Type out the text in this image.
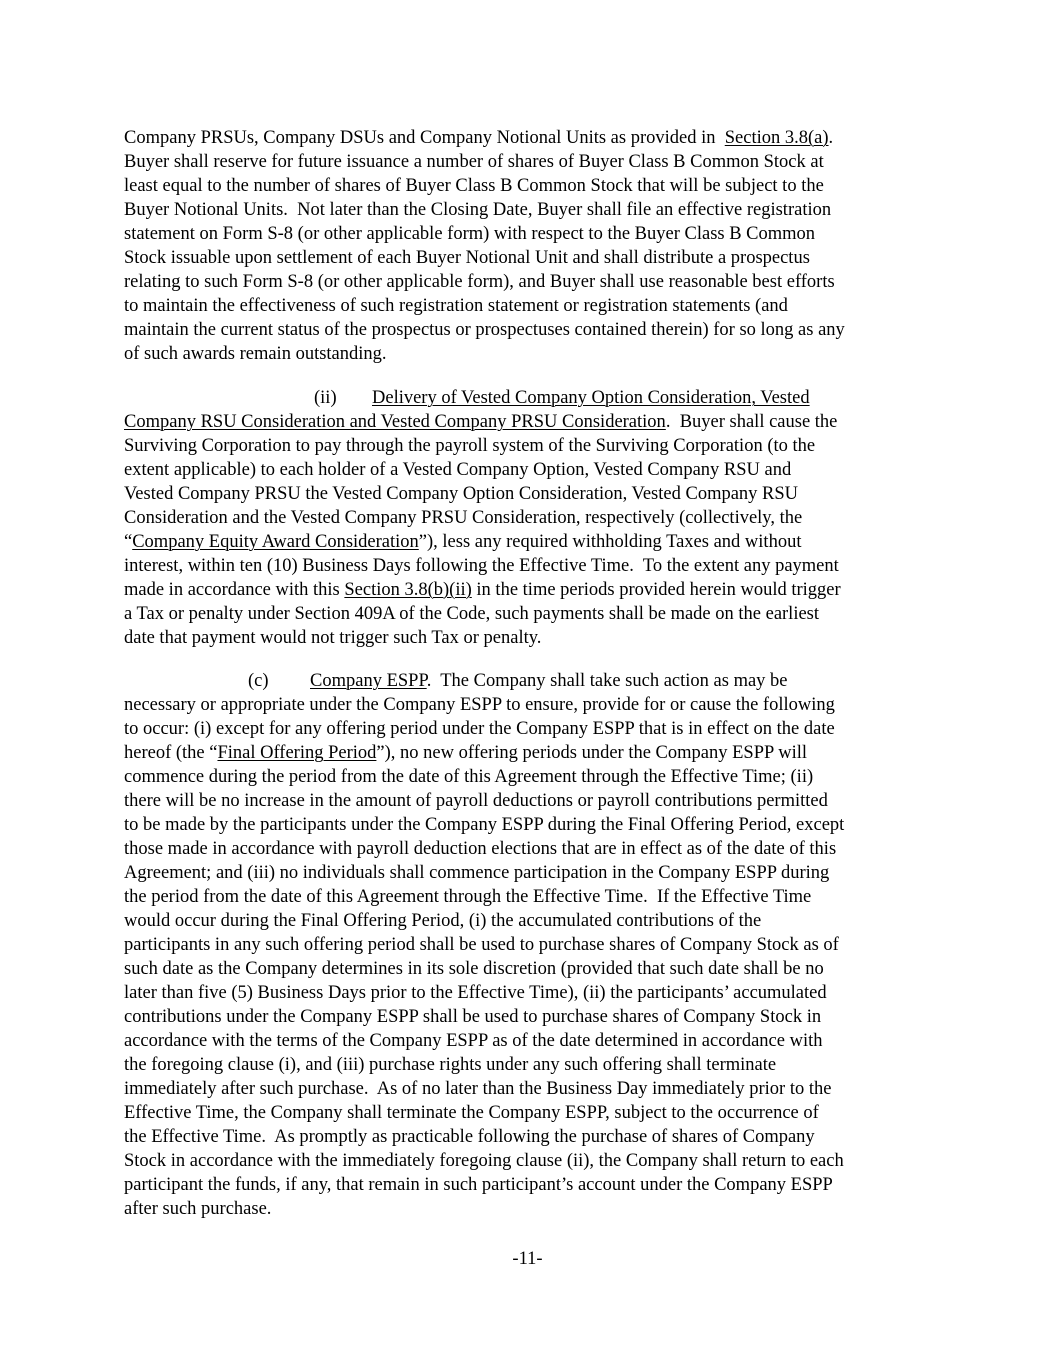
Company PRSUs, Company DSUs and Company Notional Units as provided in  Section 3.8(a).
Buyer shall reserve for future issuance a number of shares of Buyer Class B Common Stock at
least equal to the number of shares of Buyer Class B Common Stock that will be subject to the
Buyer Notional Units.  Not later than the Closing Date, Buyer shall file an effective registration
statement on Form S-8 (or other applicable form) with respect to the Buyer Class B Common
Stock issuable upon settlement of each Buyer Notional Unit and shall distribute a prospectus
relating to such Form S-8 (or other applicable form), and Buyer shall use reasonable best efforts
to maintain the effectiveness of such registration statement or registration statements (and
maintain the current status of the prospectus or prospectuses contained therein) for so long as any
of such awards remain outstanding.
(ii) Delivery of Vested Company Option Consideration, Vested
Company RSU Consideration and Vested Company PRSU Consideration.  Buyer shall cause the
Surviving Corporation to pay through the payroll system of the Surviving Corporation (to the
extent applicable) to each holder of a Vested Company Option, Vested Company RSU and
Vested Company PRSU the Vested Company Option Consideration, Vested Company RSU
Consideration and the Vested Company PRSU Consideration, respectively (collectively, the
“Company Equity Award Consideration”), less any required withholding Taxes and without
interest, within ten (10) Business Days following the Effective Time.  To the extent any payment
made in accordance with this Section 3.8(b)(ii) in the time periods provided herein would trigger
a Tax or penalty under Section 409A of the Code, such payments shall be made on the earliest
date that payment would not trigger such Tax or penalty.
(c) Company ESPP.  The Company shall take such action as may be
necessary or appropriate under the Company ESPP to ensure, provide for or cause the following
to occur: (i) except for any offering period under the Company ESPP that is in effect on the date
hereof (the “Final Offering Period”), no new offering periods under the Company ESPP will
commence during the period from the date of this Agreement through the Effective Time; (ii)
there will be no increase in the amount of payroll deductions or payroll contributions permitted
to be made by the participants under the Company ESPP during the Final Offering Period, except
those made in accordance with payroll deduction elections that are in effect as of the date of this
Agreement; and (iii) no individuals shall commence participation in the Company ESPP during
the period from the date of this Agreement through the Effective Time.  If the Effective Time
would occur during the Final Offering Period, (i) the accumulated contributions of the
participants in any such offering period shall be used to purchase shares of Company Stock as of
such date as the Company determines in its sole discretion (provided that such date shall be no
later than five (5) Business Days prior to the Effective Time), (ii) the participants’ accumulated
contributions under the Company ESPP shall be used to purchase shares of Company Stock in
accordance with the terms of the Company ESPP as of the date determined in accordance with
the foregoing clause (i), and (iii) purchase rights under any such offering shall terminate
immediately after such purchase.  As of no later than the Business Day immediately prior to the
Effective Time, the Company shall terminate the Company ESPP, subject to the occurrence of
the Effective Time.  As promptly as practicable following the purchase of shares of Company
Stock in accordance with the immediately foregoing clause (ii), the Company shall return to each
participant the funds, if any, that remain in such participant’s account under the Company ESPP
after such purchase.
-11-
